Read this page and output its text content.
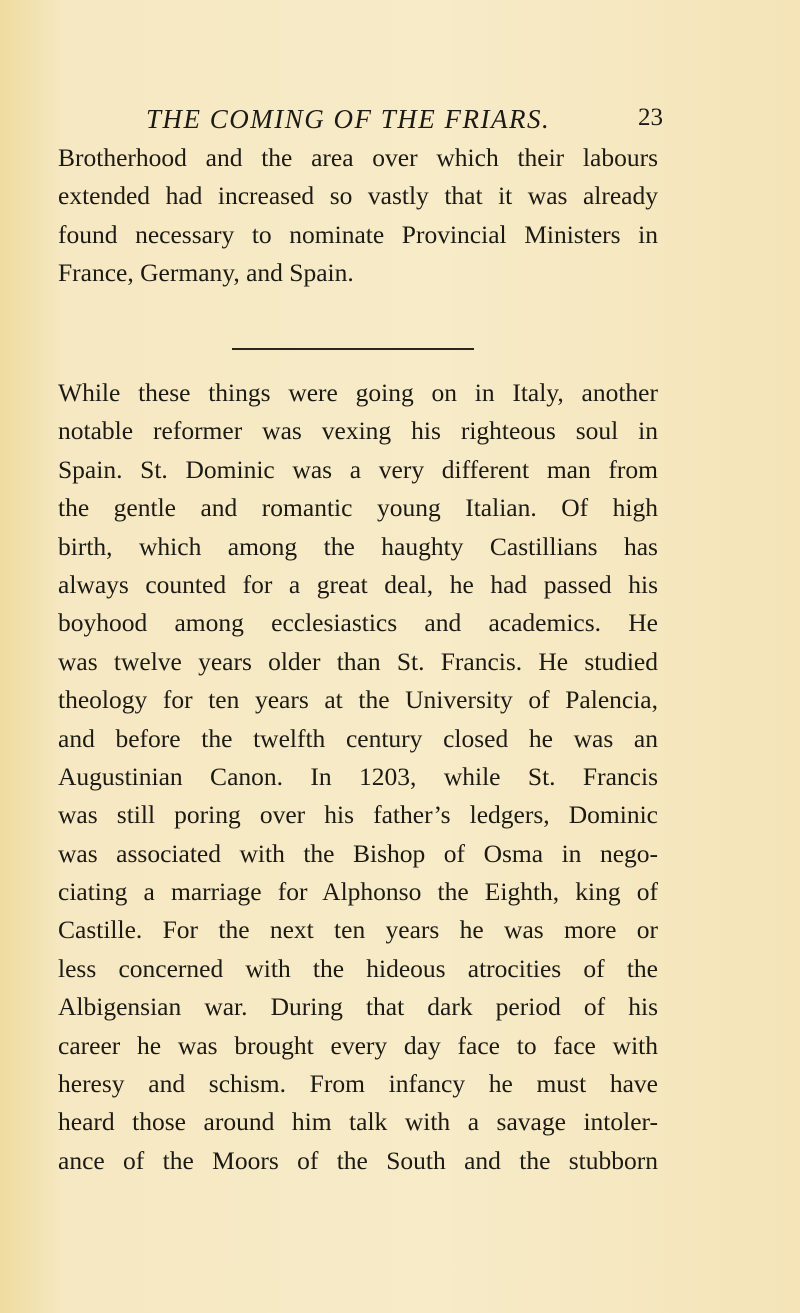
THE COMING OF THE FRIARS.	23
Brotherhood and the area over which their labours
extended had increased so vastly that it was already
found necessary to nominate Provincial Ministers in
France, Germany, and Spain.
While these things were going on in Italy, another
notable reformer was vexing his righteous soul in
Spain. St. Dominic was a very different man from
the gentle and romantic young Italian. Of high
birth, which among the haughty Castillians has
always counted for a great deal, he had passed his
boyhood among ecclesiastics and academics. He
was twelve years older than St. Francis. He studied
theology for ten years at the University of Palencia,
and before the twelfth century closed he was an
Augustinian Canon. In 1203, while St. Francis
was still poring over his father’s ledgers, Dominic
was associated with the Bishop of Osma in nego-
ciating a marriage for Alphonso the Eighth, king of
Castille. For the next ten years he was more or
less concerned with the hideous atrocities of the
Albigensian war. During that dark period of his
career he was brought every day face to face with
heresy and schism. From infancy he must have
heard those around him talk with a savage intoler-
ance of the Moors of the South and the stubborn
